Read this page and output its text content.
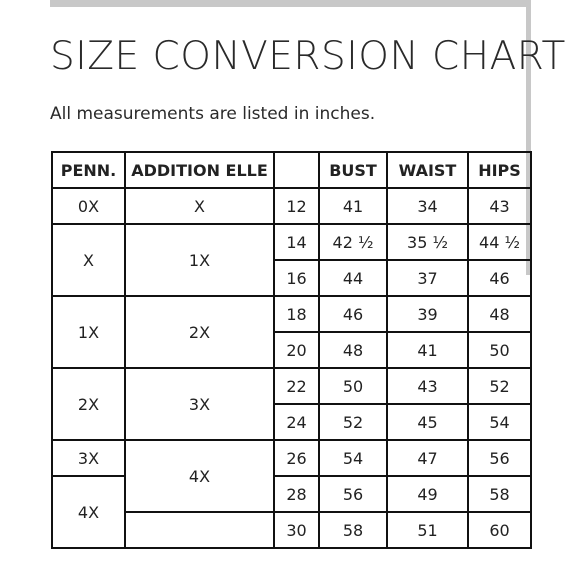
SIZE CONVERSION CHART

All measurements are listed in inches.

PENN.	ADDITION ELLE		BUST	WAIST	HIPS
0X	X	12	41	34	43
X	1X	14	42 ½	35 ½	44 ½
		16	44	37	46
1X	2X	18	46	39	48
		20	48	41	50
2X	3X	22	50	43	52
		24	52	45	54
3X	4X	26	54	47	56
4X		28	56	49	58
		30	58	51	60
